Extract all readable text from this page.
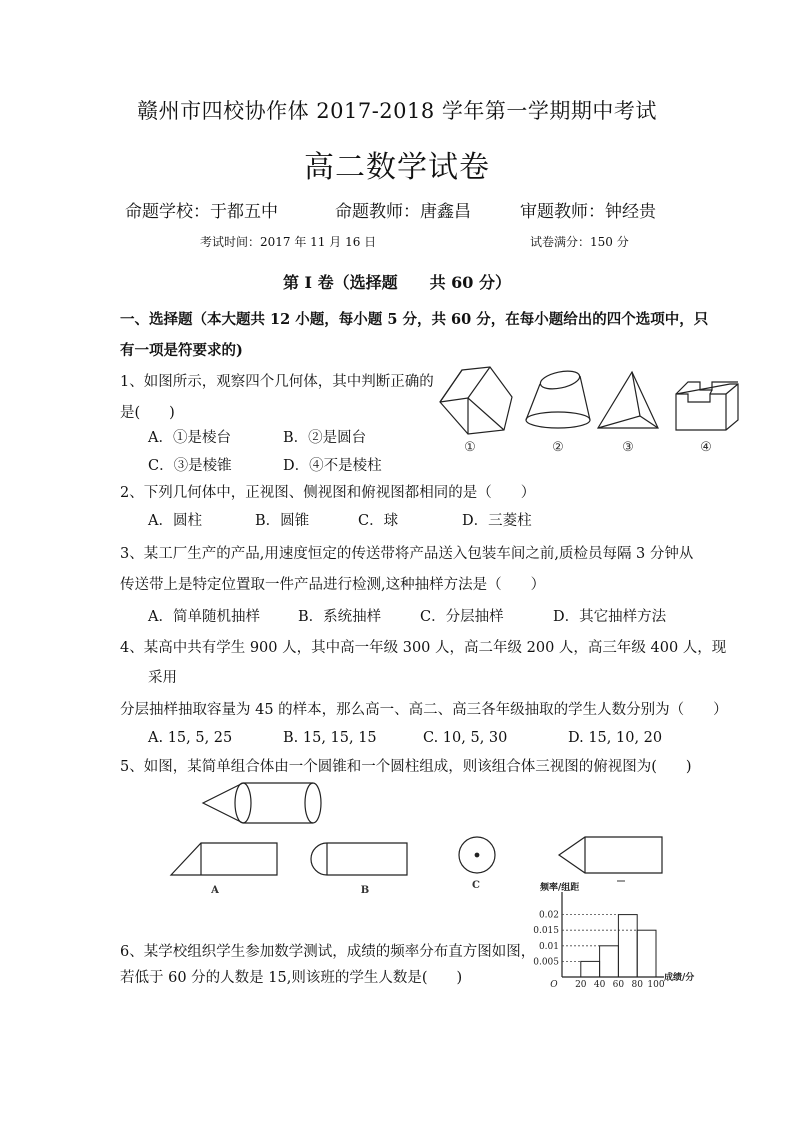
赣州市四校协作体 2017-2018 学年第一学期期中考试
高二数学试卷
命题学校：于都五中	命题教师：唐鑫昌	审题教师：钟经贵
考试时间：2017 年 11 月 16 日	试卷满分：150 分
第 I 卷（选择题　　共 60 分）
一、选择题（本大题共 12 小题，每小题 5 分，共 60 分，在每小题给出的四个选项中，只
有一项是符要求的)
1、如图所示，观察四个几何体，其中判断正确的
是(　　)
A．①是棱台	B．②是圆台
C．③是棱锥	D．④不是棱柱
①	②	③	④
2、下列几何体中，正视图、侧视图和俯视图都相同的是（　　）
A．圆柱	B．圆锥	C．球	D．三菱柱
3、某工厂生产的产品,用速度恒定的传送带将产品送入包装车间之前,质检员每隔 3 分钟从
传送带上是特定位置取一件产品进行检测,这种抽样方法是（　　）
A．简单随机抽样	B．系统抽样	C．分层抽样	D．其它抽样方法
4、某高中共有学生 900 人，其中高一年级 300 人，高二年级 200 人，高三年级 400 人，现
采用
分层抽样抽取容量为 45 的样本，那么高一、高二、高三各年级抽取的学生人数分别为（　　）
A. 15, 5, 25	B. 15, 15, 15	C. 10, 5, 30	D. 15, 10, 20
5、如图，某简单组合体由一个圆锥和一个圆柱组成，则该组合体三视图的俯视图为(　　)
A	B	C
6、某学校组织学生参加数学测试，成绩的频率分布直方图如图，
若低于 60 分的人数是 15,则该班的学生人数是(　　)
频率/组距
成绩/分
0.005
0.01
0.015
0.02
O 20 40 60 80 100
